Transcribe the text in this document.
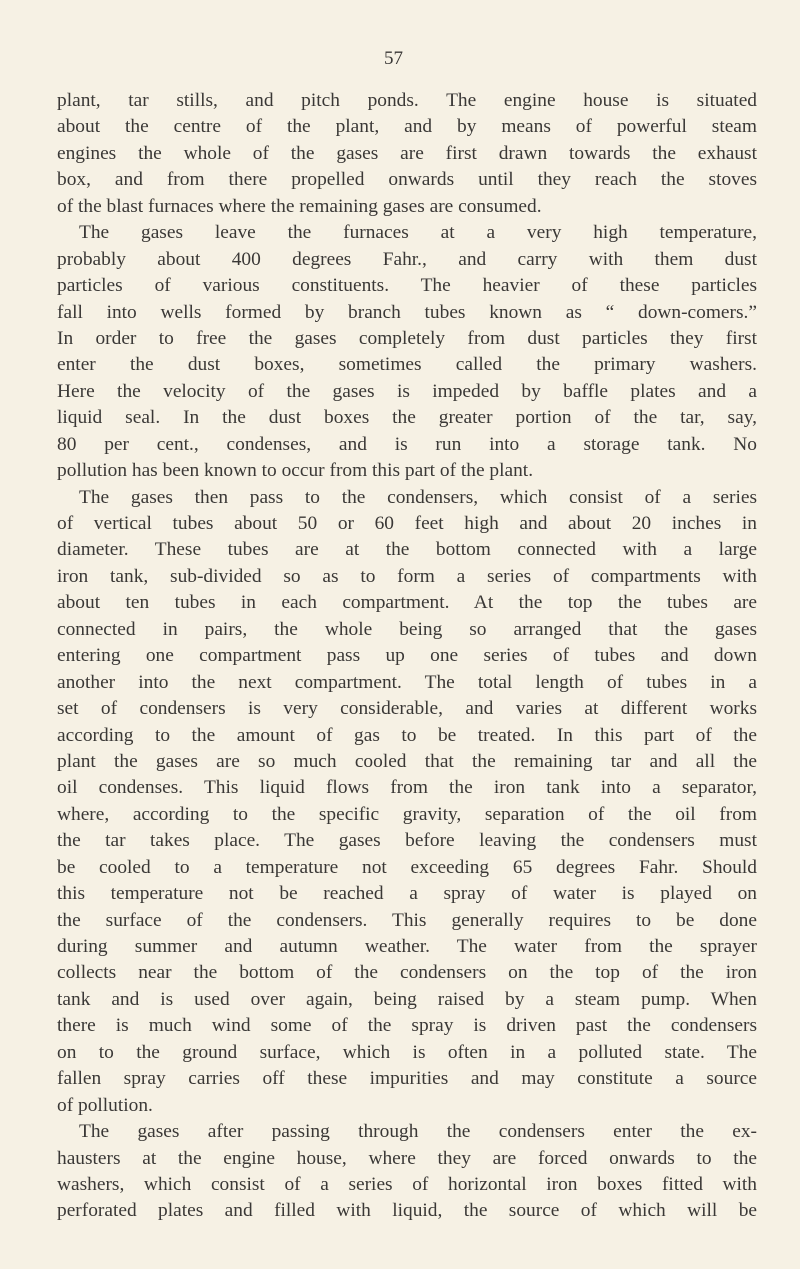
57
plant, tar stills, and pitch ponds. The engine house is situated
about the centre of the plant, and by means of powerful steam
engines the whole of the gases are first drawn towards the exhaust
box, and from there propelled onwards until they reach the stoves
of the blast furnaces where the remaining gases are consumed.
The gases leave the furnaces at a very high temperature,
probably about 400 degrees Fahr., and carry with them dust
particles of various constituents. The heavier of these particles
fall into wells formed by branch tubes known as “ down-comers.”
In order to free the gases completely from dust particles they first
enter the dust boxes, sometimes called the primary washers.
Here the velocity of the gases is impeded by baffle plates and a
liquid seal. In the dust boxes the greater portion of the tar, say,
80 per cent., condenses, and is run into a storage tank. No
pollution has been known to occur from this part of the plant.
The gases then pass to the condensers, which consist of a series
of vertical tubes about 50 or 60 feet high and about 20 inches in
diameter. These tubes are at the bottom connected with a large
iron tank, sub-divided so as to form a series of compartments with
about ten tubes in each compartment. At the top the tubes are
connected in pairs, the whole being so arranged that the gases
entering one compartment pass up one series of tubes and down
another into the next compartment. The total length of tubes in a
set of condensers is very considerable, and varies at different works
according to the amount of gas to be treated. In this part of the
plant the gases are so much cooled that the remaining tar and all the
oil condenses. This liquid flows from the iron tank into a separator,
where, according to the specific gravity, separation of the oil from
the tar takes place. The gases before leaving the condensers must
be cooled to a temperature not exceeding 65 degrees Fahr. Should
this temperature not be reached a spray of water is played on
the surface of the condensers. This generally requires to be done
during summer and autumn weather. The water from the sprayer
collects near the bottom of the condensers on the top of the iron
tank and is used over again, being raised by a steam pump. When
there is much wind some of the spray is driven past the condensers
on to the ground surface, which is often in a polluted state. The
fallen spray carries off these impurities and may constitute a source
of pollution.
The gases after passing through the condensers enter the ex-
hausters at the engine house, where they are forced onwards to the
washers, which consist of a series of horizontal iron boxes fitted with
perforated plates and filled with liquid, the source of which will be
